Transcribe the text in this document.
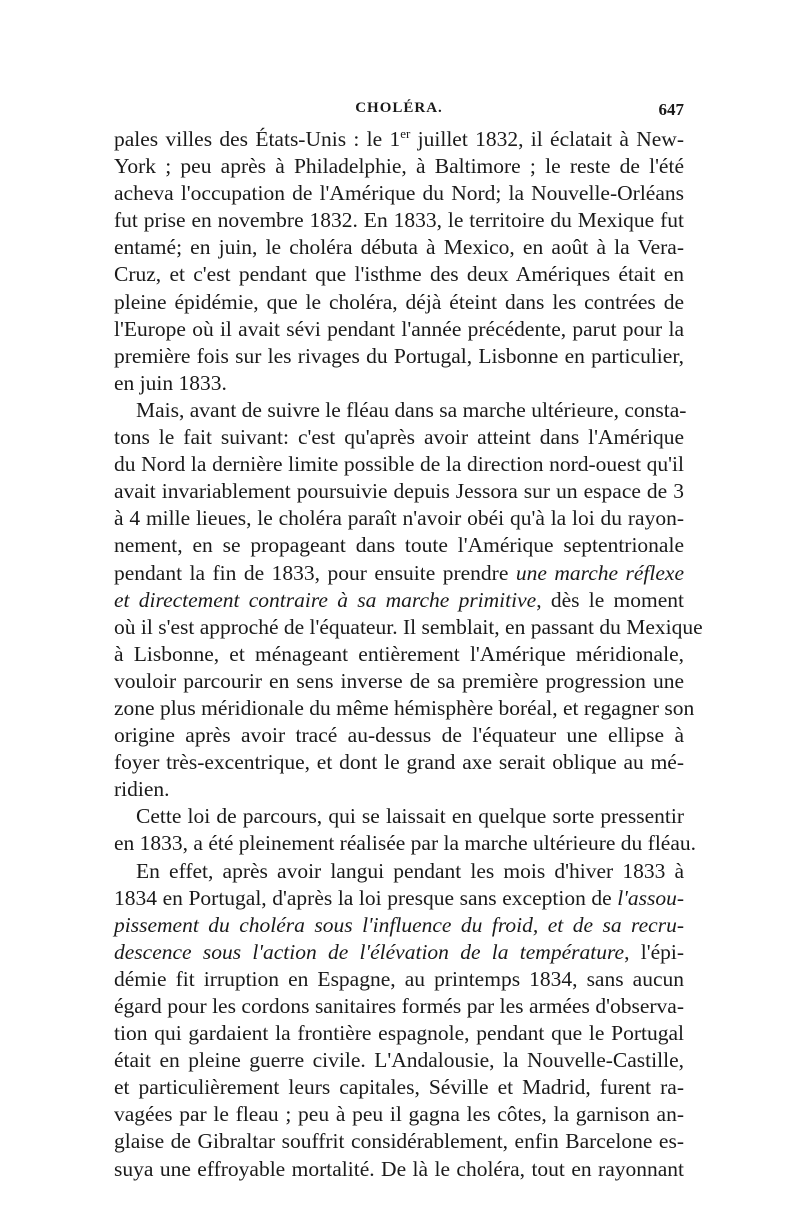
CHOLÉRA.	647
pales villes des États-Unis : le 1er juillet 1832, il éclatait à New-
York ; peu après à Philadelphie, à Baltimore ; le reste de l'été
acheva l'occupation de l'Amérique du Nord; la Nouvelle-Orléans
fut prise en novembre 1832. En 1833, le territoire du Mexique fut
entamé; en juin, le choléra débuta à Mexico, en août à la Vera-
Cruz, et c'est pendant que l'isthme des deux Amériques était en
pleine épidémie, que le choléra, déjà éteint dans les contrées de
l'Europe où il avait sévi pendant l'année précédente, parut pour la
première fois sur les rivages du Portugal, Lisbonne en particulier,
en juin 1833.
Mais, avant de suivre le fléau dans sa marche ultérieure, consta-
tons le fait suivant: c'est qu'après avoir atteint dans l'Amérique
du Nord la dernière limite possible de la direction nord-ouest qu'il
avait invariablement poursuivie depuis Jessora sur un espace de 3
à 4 mille lieues, le choléra paraît n'avoir obéi qu'à la loi du rayon-
nement, en se propageant dans toute l'Amérique septentrionale
pendant la fin de 1833, pour ensuite prendre une marche réflexe
et directement contraire à sa marche primitive, dès le moment
où il s'est approché de l'équateur. Il semblait, en passant du Mexique
à Lisbonne, et ménageant entièrement l'Amérique méridionale,
vouloir parcourir en sens inverse de sa première progression une
zone plus méridionale du même hémisphère boréal, et regagner son
origine après avoir tracé au-dessus de l'équateur une ellipse à
foyer très-excentrique, et dont le grand axe serait oblique au mé-
ridien.
Cette loi de parcours, qui se laissait en quelque sorte pressentir
en 1833, a été pleinement réalisée par la marche ultérieure du fléau.
En effet, après avoir langui pendant les mois d'hiver 1833 à
1834 en Portugal, d'après la loi presque sans exception de l'assou-
pissement du choléra sous l'influence du froid, et de sa recru-
descence sous l'action de l'élévation de la température, l'épi-
démie fit irruption en Espagne, au printemps 1834, sans aucun
égard pour les cordons sanitaires formés par les armées d'observa-
tion qui gardaient la frontière espagnole, pendant que le Portugal
était en pleine guerre civile. L'Andalousie, la Nouvelle-Castille,
et particulièrement leurs capitales, Séville et Madrid, furent ra-
vagées par le fleau ; peu à peu il gagna les côtes, la garnison an-
glaise de Gibraltar souffrit considérablement, enfin Barcelone es-
suya une effroyable mortalité. De là le choléra, tout en rayonnant
